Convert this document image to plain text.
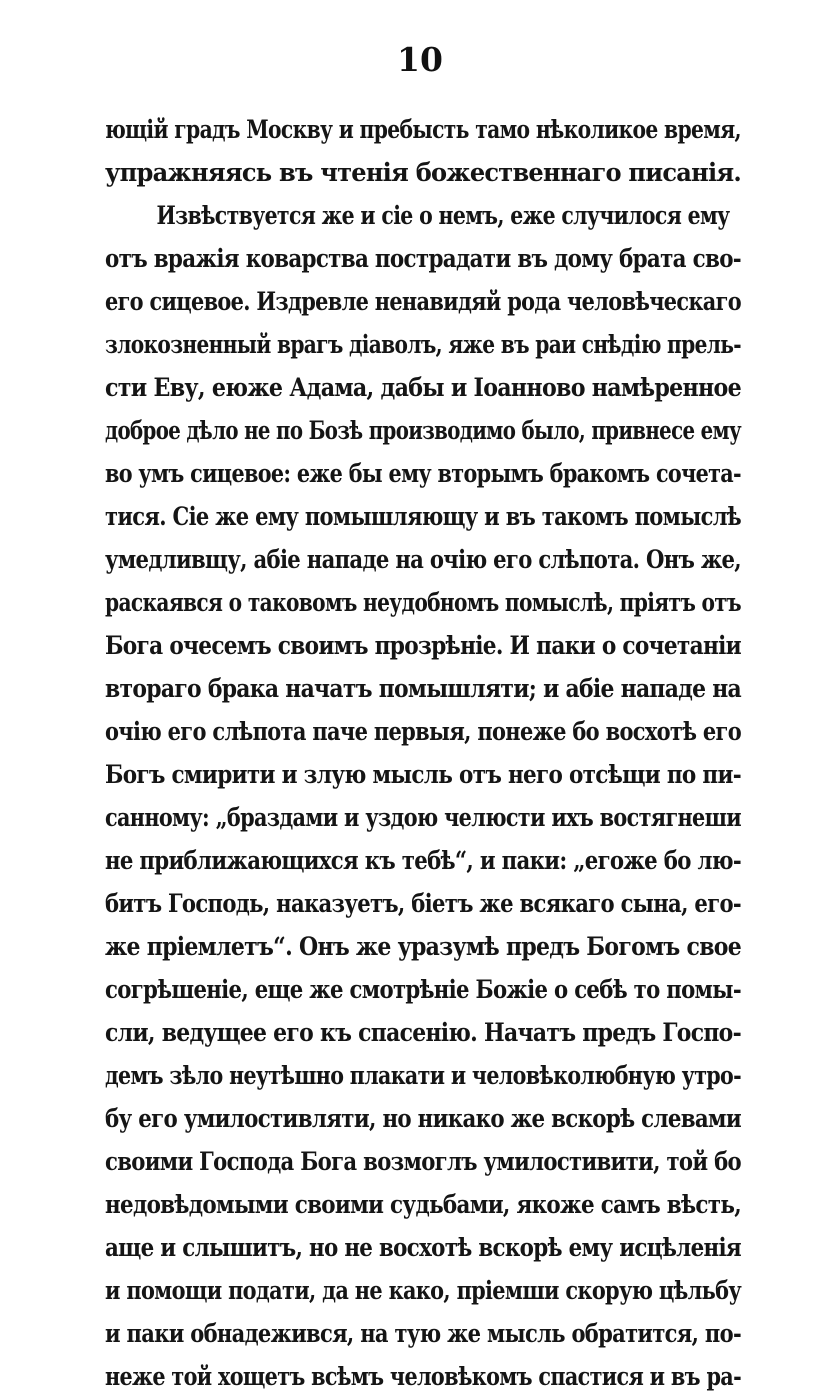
10
ющій градъ Москву и пребысть тамо нѣколикое время,
упражняясь въ чтенія божественнаго писанія.
Извѣствуется же и сіе о немъ, еже случилося ему
отъ вражія коварства пострадати въ дому брата сво-
его сицевое. Издревле ненавидяй рода человѣческаго
злокозненный врагъ діаволъ, яже въ раи снѣдію прель-
сти Еву, еюже Адама, дабы и Іоанново намѣренное
доброе дѣло не по Бозѣ производимо было, привнесе ему
во умъ сицевое: еже бы ему вторымъ бракомъ сочета-
тися. Сіе же ему помышляющу и въ такомъ помыслѣ
умедливщу, абіе нападе на очію его слѣпота. Онъ же,
раскаявся о таковомъ неудобномъ помыслѣ, пріятъ отъ
Бога очесемъ своимъ прозрѣніе. И паки о сочетаніи
втораго брака начатъ помышляти; и абіе нападе на
очію его слѣпота паче первыя, понеже бо восхотѣ его
Богъ смирити и злую мысль отъ него отсѣщи по пи-
санному: „браздами и уздою челюсти ихъ востягнеши
не приближающихся къ тебѣ“, и паки: „егоже бо лю-
битъ Господь, наказуетъ, біетъ же всякаго сына, его-
же пріемлетъ“. Онъ же уразумѣ предъ Богомъ свое
согрѣшеніе, еще же смотрѣніе Божіе о себѣ то помы-
сли, ведущее его къ спасенію. Начатъ предъ Госпо-
демъ зѣло неутѣшно плакати и человѣколюбную утро-
бу его умилостивляти, но никако же вскорѣ слевами
своими Господа Бога возмоглъ умилостивити, той бо
недовѣдомыми своими судьбами, якоже самъ вѣсть,
аще и слышитъ, но не восхотѣ вскорѣ ему исцѣленія
и помощи подати, да не како, пріемши скорую цѣльбу
и паки обнадежився, на тую же мысль обратится, по-
неже той хощетъ всѣмъ человѣкомъ спастися и въ ра-
